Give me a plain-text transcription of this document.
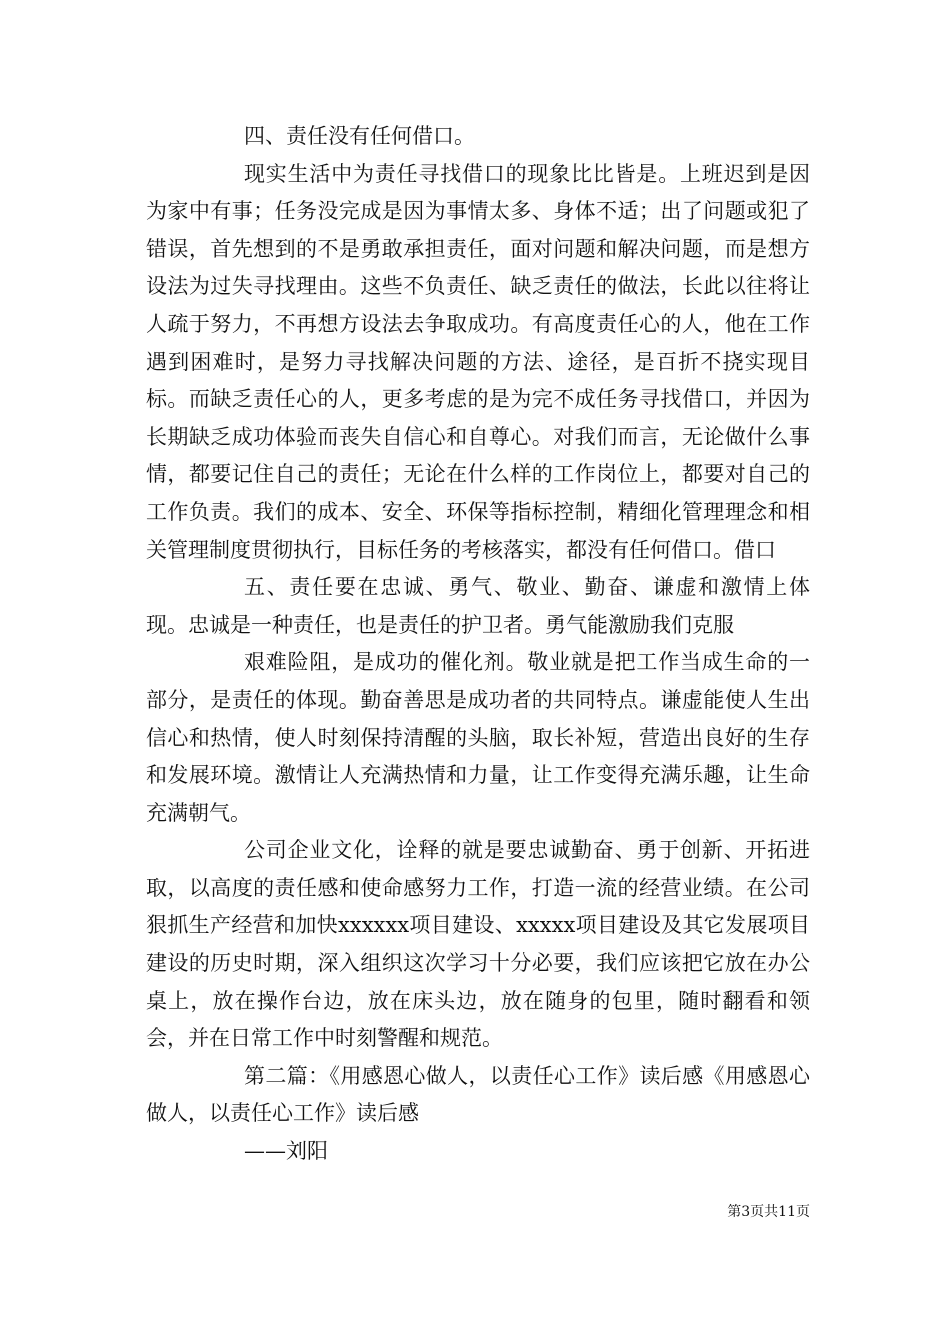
四、责任没有任何借口。

现实生活中为责任寻找借口的现象比比皆是。上班迟到是因为家中有事；任务没完成是因为事情太多、身体不适；出了问题或犯了错误，首先想到的不是勇敢承担责任，面对问题和解决问题，而是想方设法为过失寻找理由。这些不负责任、缺乏责任的做法，长此以往将让人疏于努力，不再想方设法去争取成功。有高度责任心的人，他在工作遇到困难时，是努力寻找解决问题的方法、途径，是百折不挠实现目标。而缺乏责任心的人，更多考虑的是为完不成任务寻找借口，并因为长期缺乏成功体验而丧失自信心和自尊心。对我们而言，无论做什么事情，都要记住自己的责任；无论在什么样的工作岗位上，都要对自己的工作负责。我们的成本、安全、环保等指标控制，精细化管理理念和相关管理制度贯彻执行，目标任务的考核落实，都没有任何借口。借口

五、责任要在忠诚、勇气、敬业、勤奋、谦虚和激情上体现。忠诚是一种责任，也是责任的护卫者。勇气能激励我们克服

艰难险阻，是成功的催化剂。敬业就是把工作当成生命的一部分，是责任的体现。勤奋善思是成功者的共同特点。谦虚能使人生出信心和热情，使人时刻保持清醒的头脑，取长补短，营造出良好的生存和发展环境。激情让人充满热情和力量，让工作变得充满乐趣，让生命充满朝气。

公司企业文化，诠释的就是要忠诚勤奋、勇于创新、开拓进取，以高度的责任感和使命感努力工作，打造一流的经营业绩。在公司狠抓生产经营和加快xxxxxx项目建设、xxxxx项目建设及其它发展项目建设的历史时期，深入组织这次学习十分必要，我们应该把它放在办公桌上，放在操作台边，放在床头边，放在随身的包里，随时翻看和领会，并在日常工作中时刻警醒和规范。

第二篇：《用感恩心做人，以责任心工作》读后感《用感恩心做人，以责任心工作》读后感

——刘阳

第3页共11页
